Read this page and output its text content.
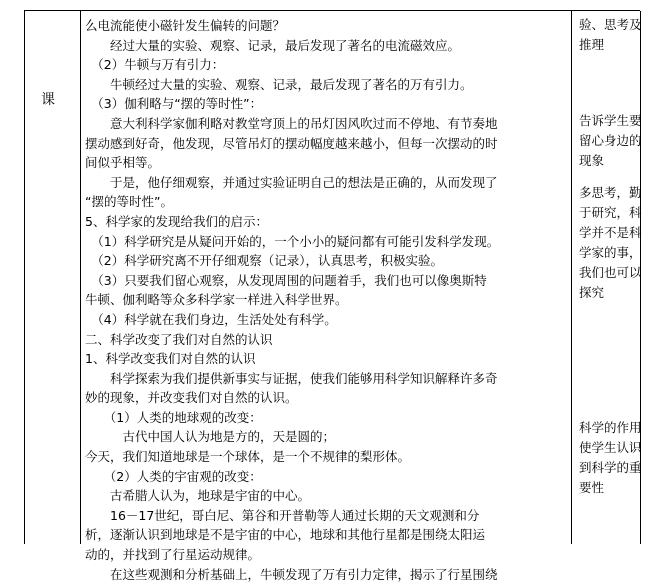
课
么电流能使小磁针发生偏转的问题？
　　经过大量的实验、观察、记录，最后发现了著名的电流磁效应。
　（2）牛顿与万有引力：
　　牛顿经过大量的实验、观察、记录，最后发现了著名的万有引力。
　（3）伽利略与“摆的等时性”：
　　意大利科学家伽利略对教堂穹顶上的吊灯因风吹过而不停地、有节奏地
摆动感到好奇，他发现，尽管吊灯的摆动幅度越来越小，但每一次摆动的时
间似乎相等。
　　于是，他仔细观察，并通过实验证明自己的想法是正确的，从而发现了
“摆的等时性”。
5、科学家的发现给我们的启示：
　（1）科学研究是从疑问开始的，一个小小的疑问都有可能引发科学发现。
　（2）科学研究离不开仔细观察（记录），认真思考，积极实验。
　（3）只要我们留心观察，从发现周围的问题着手，我们也可以像奥斯特
牛顿、伽利略等众多科学家一样进入科学世界。
　（4）科学就在我们身边，生活处处有科学。
二、科学改变了我们对自然的认识
1、科学改变我们对自然的认识
　　科学探索为我们提供新事实与证据，使我们能够用科学知识解释许多奇
妙的现象，并改变我们对自然的认识。
　　（1）人类的地球观的改变：
　　　古代中国人认为地是方的，天是圆的；
今天，我们知道地球是一个球体，是一个不规律的梨形体。
　　（2）人类的宇宙观的改变：
　　古希腊人认为，地球是宇宙的中心。
　　16－17世纪，哥白尼、第谷和开普勒等人通过长期的天文观测和分
析，逐渐认识到地球是不是宇宙的中心，地球和其他行星都是围绕太阳运
动的，并找到了行星运动规律。
　　在这些观测和分析基础上，牛顿发现了万有引力定律，揭示了行星围绕
验、思考及
推理
告诉学生要
留心身边的
现象
多思考，勤
于研究，科
学并不是科
学家的事，
我们也可以
探究
科学的作用
使学生认识
到科学的重
要性
